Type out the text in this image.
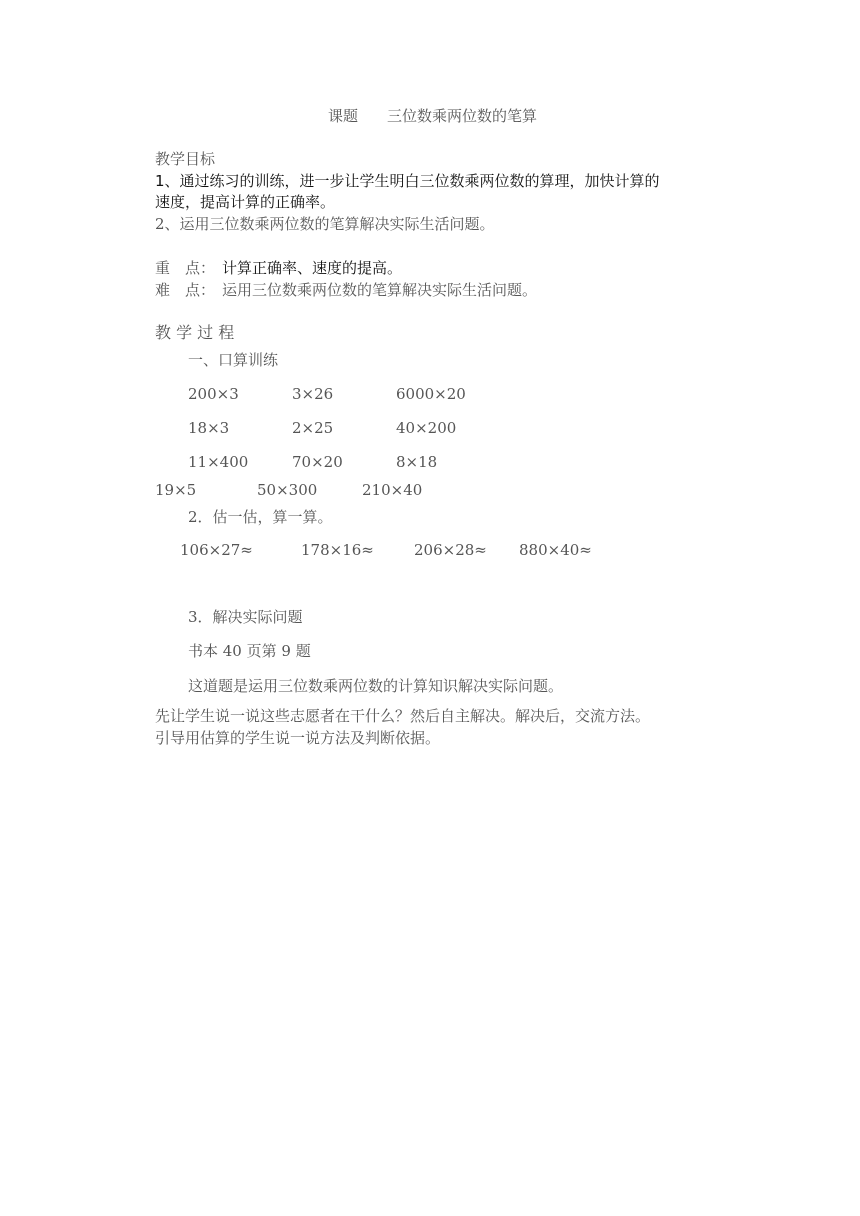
课题 三位数乘两位数的笔算
教学目标
1、通过练习的训练，进一步让学生明白三位数乘两位数的算理，加快计算的
速度，提高计算的正确率。
2、运用三位数乘两位数的笔算解决实际生活问题。
重　点： 计算正确率、速度的提高。
难　点： 运用三位数乘两位数的笔算解决实际生活问题。
教 学 过 程
一、口算训练
200×3	3×26	6000×20
18×3	2×25	40×200
11×400	70×20	8×18
19×5	50×300	210×40
2．估一估，算一算。
106×27≈	178×16≈	206×28≈ 880×40≈
3．解决实际问题
书本 40 页第 9 题
这道题是运用三位数乘两位数的计算知识解决实际问题。
先让学生说一说这些志愿者在干什么？然后自主解决。解决后，交流方法。
引导用估算的学生说一说方法及判断依据。
